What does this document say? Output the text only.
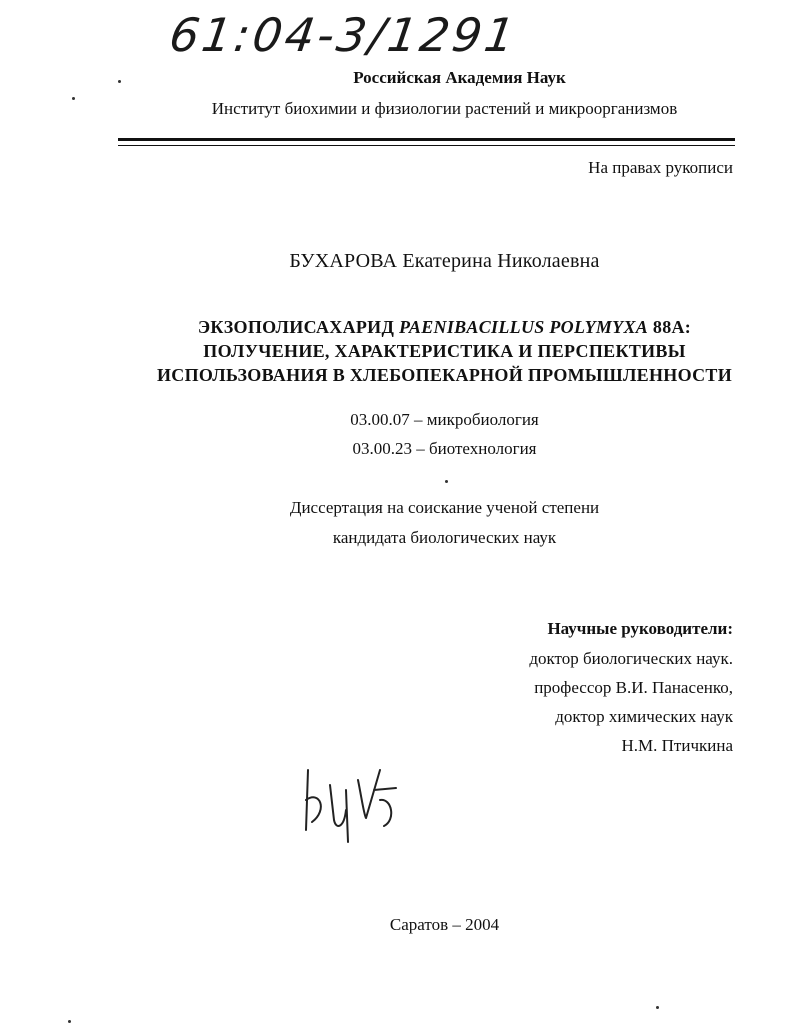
61:04-3/1291
Российская Академия Наук
Институт биохимии и физиологии растений и микроорганизмов
На правах рукописи
БУХАРОВА Екатерина Николаевна
ЭКЗОПОЛИСАХАРИД PAENIBACILLUS POLYMYXA 88А:
ПОЛУЧЕНИЕ, ХАРАКТЕРИСТИКА И ПЕРСПЕКТИВЫ
ИСПОЛЬЗОВАНИЯ В ХЛЕБОПЕКАРНОЙ ПРОМЫШЛЕННОСТИ
03.00.07 – микробиология
03.00.23 – биотехнология
Диссертация на соискание ученой степени
кандидата биологических наук
Научные руководители:
доктор биологических наук.
профессор В.И. Панасенко,
доктор химических наук
Н.М. Птичкина
Саратов – 2004
